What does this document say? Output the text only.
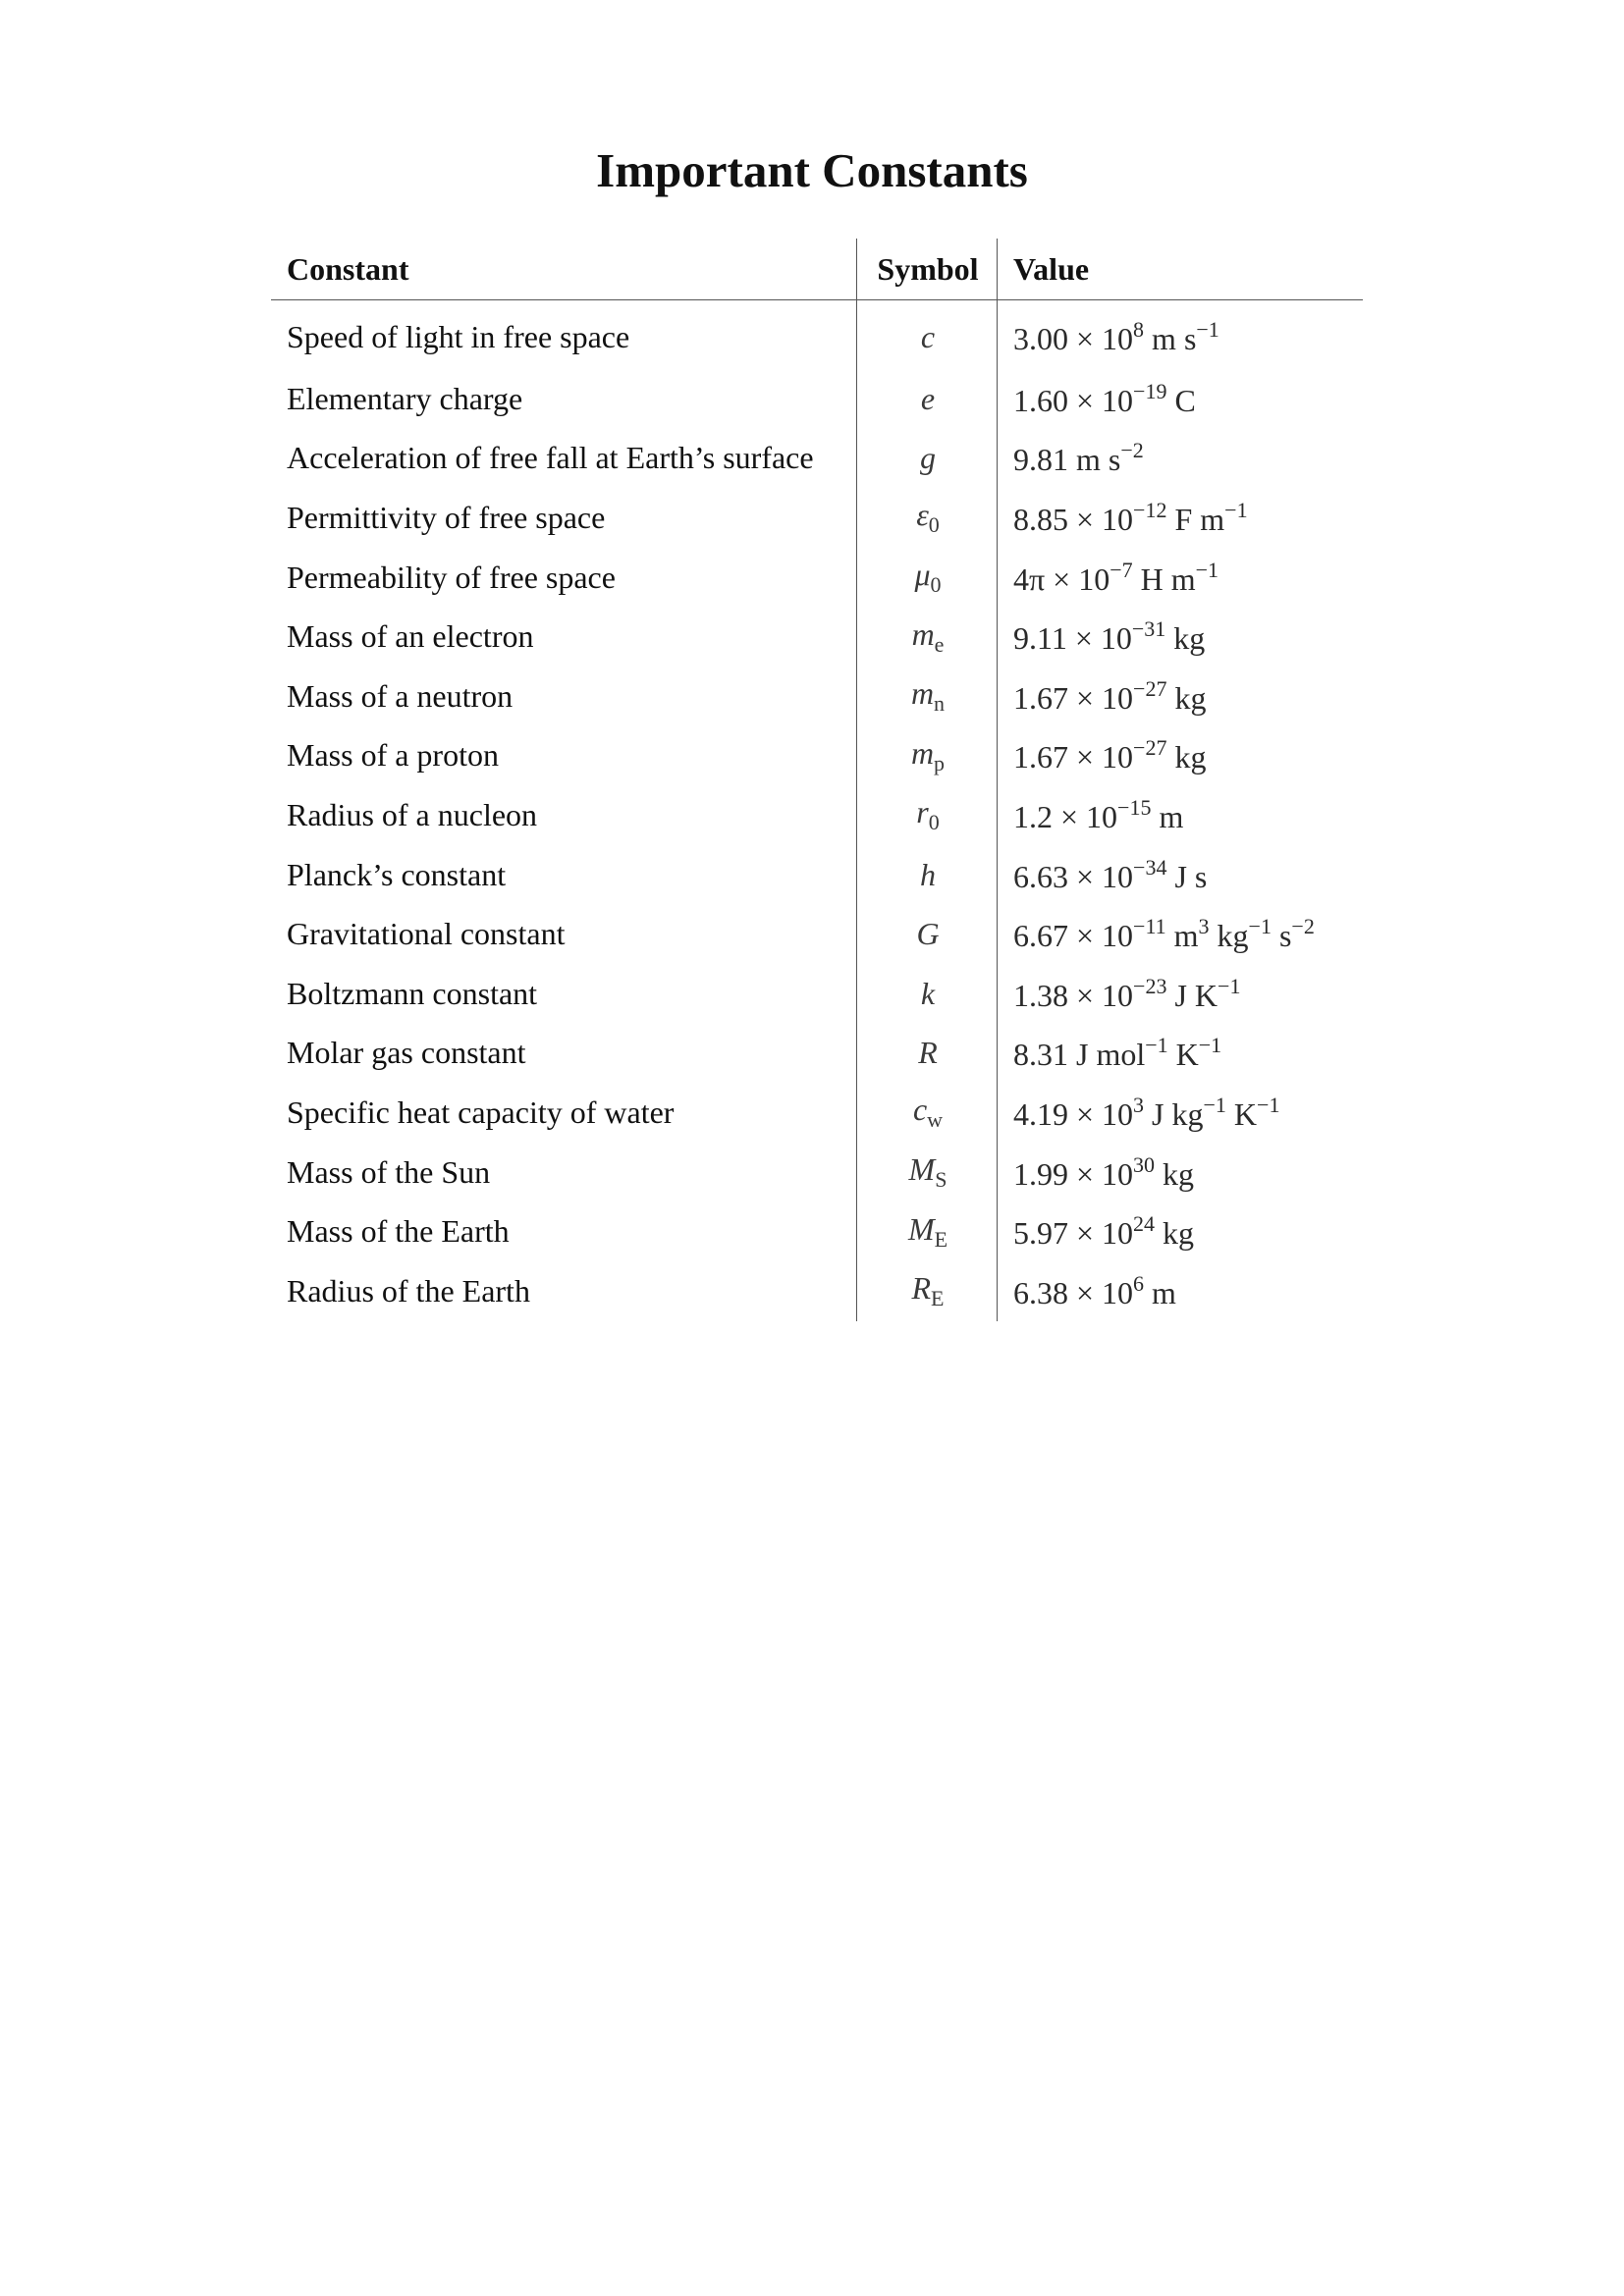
Important Constants
Constant	Symbol	Value
Speed of light in free space	c	$3.00 \times 10^8$ m $s^{-1}$
Elementary charge	e	$1.60 \times 10^{-19}$ C
Acceleration of free fall at Earth’s surface	g	9.81 m $s^{-2}$
Permittivity of free space	$\varepsilon_0$	$8.85 \times 10^{-12}$ F $m^{-1}$
Permeability of free space	$\mu_0$	$4\pi \times 10^{-7}$ H $m^{-1}$
Mass of an electron	$m_e$	$9.11 \times 10^{-31}$ kg
Mass of a neutron	$m_n$	$1.67 \times 10^{-27}$ kg
Mass of a proton	$m_p$	$1.67 \times 10^{-27}$ kg
Radius of a nucleon	$r_0$	$1.2 \times 10^{-15}$ m
Planck’s constant	h	$6.63 \times 10^{-34}$ J s
Gravitational constant	G	$6.67 \times 10^{-11}$ $m^3$ $kg^{-1}$ $s^{-2}$
Boltzmann constant	k	$1.38 \times 10^{-23}$ J $K^{-1}$
Molar gas constant	R	8.31 J mol$^{-1}$ $K^{-1}$
Specific heat capacity of water	$c_w$	$4.19 \times 10^3$ J $kg^{-1}$ $K^{-1}$
Mass of the Sun	$M_S$	$1.99 \times 10^{30}$ kg
Mass of the Earth	$M_E$	$5.97 \times 10^{24}$ kg
Radius of the Earth	$R_E$	$6.38 \times 10^6$ m
